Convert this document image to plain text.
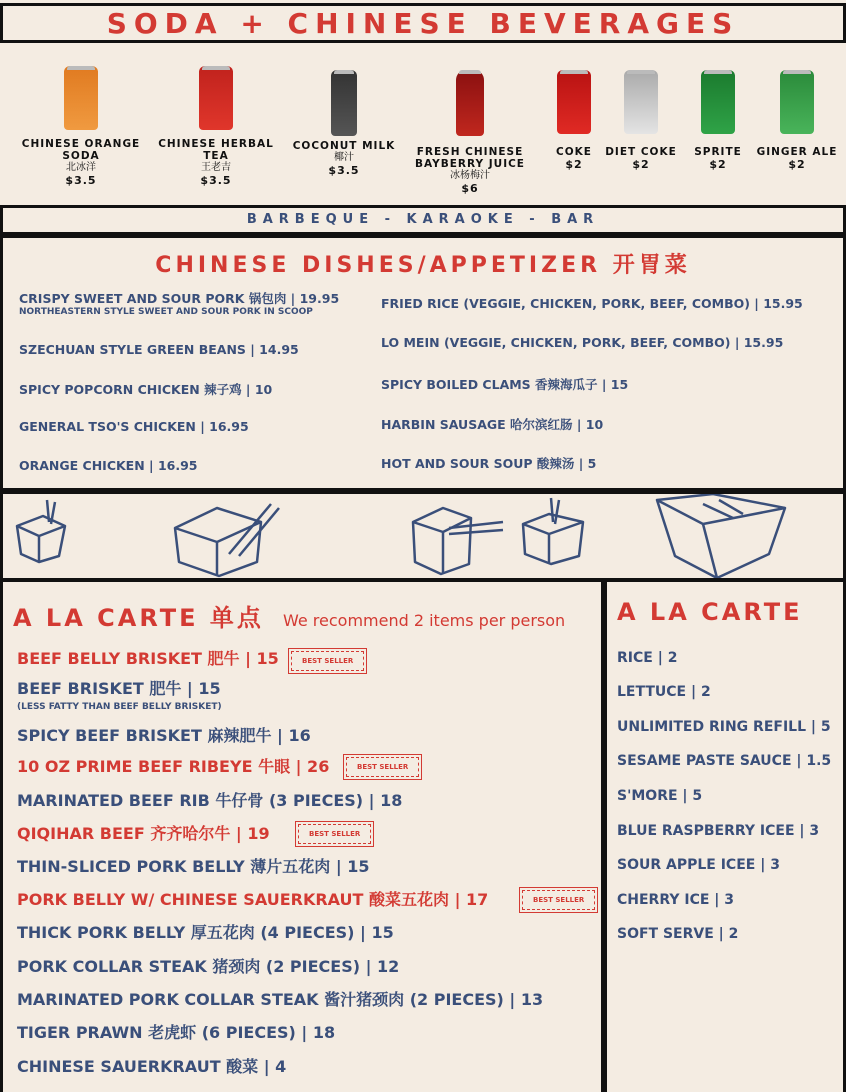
SODA + CHINESE BEVERAGES
CHINESE ORANGE SODA
北冰洋
$3.5
CHINESE HERBAL TEA
王老吉
$3.5
COCONUT MILK
椰汁
$3.5
FRESH CHINESE BAYBERRY JUICE
冰杨梅汁
$6
COKE
$2
DIET COKE
$2
SPRITE
$2
GINGER ALE
$2
BARBEQUE - KARAOKE - BAR
CHINESE DISHES/APPETIZER 开胃菜
CRISPY SWEET AND SOUR PORK 锅包肉 | 19.95
NORTHEASTERN STYLE SWEET AND SOUR PORK IN SCOOP
SZECHUAN STYLE GREEN BEANS | 14.95
SPICY POPCORN CHICKEN 辣子鸡 | 10
GENERAL TSO'S CHICKEN | 16.95
ORANGE CHICKEN | 16.95
FRIED RICE (VEGGIE, CHICKEN, PORK, BEEF, COMBO) | 15.95
LO MEIN (VEGGIE, CHICKEN, PORK, BEEF, COMBO) | 15.95
SPICY BOILED CLAMS 香辣海瓜子 | 15
HARBIN SAUSAGE 哈尔滨红肠 | 10
HOT AND SOUR SOUP 酸辣汤 | 5
A LA CARTE 单点 We recommend 2 items per person
BEEF BELLY BRISKET 肥牛 | 15	BEST SELLER
BEEF BRISKET 肥牛 | 15
(LESS FATTY THAN BEEF BELLY BRISKET)
SPICY BEEF BRISKET 麻辣肥牛 | 16
10 OZ PRIME BEEF RIBEYE 牛眼 | 26	BEST SELLER
MARINATED BEEF RIB 牛仔骨 (3 PIECES) | 18
QIQIHAR BEEF 齐齐哈尔牛 | 19	BEST SELLER
THIN-SLICED PORK BELLY 薄片五花肉 | 15
PORK BELLY W/ CHINESE SAUERKRAUT 酸菜五花肉 | 17	BEST SELLER
THICK PORK BELLY 厚五花肉 (4 PIECES) | 15
PORK COLLAR STEAK 猪颈肉 (2 PIECES) | 12
MARINATED PORK COLLAR STEAK 酱汁猪颈肉 (2 PIECES) | 13
TIGER PRAWN 老虎虾 (6 PIECES) | 18
CHINESE SAUERKRAUT 酸菜 | 4
A LA CARTE
RICE | 2
LETTUCE | 2
UNLIMITED RING REFILL | 5
SESAME PASTE SAUCE | 1.5
S'MORE | 5
BLUE RASPBERRY ICEE | 3
SOUR APPLE ICEE | 3
CHERRY ICE | 3
SOFT SERVE | 2
